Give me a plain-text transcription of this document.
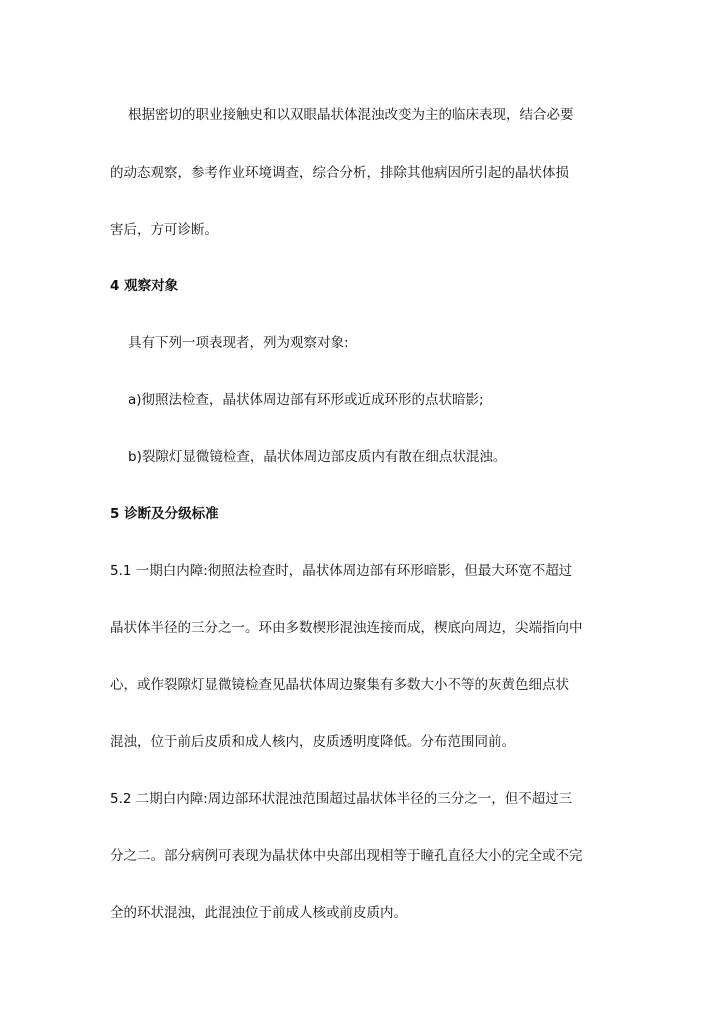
根据密切的职业接触史和以双眼晶状体混浊改变为主的临床表现，结合必要
的动态观察，参考作业环境调查，综合分析，排除其他病因所引起的晶状体损
害后，方可诊断。
4 观察对象
具有下列一项表现者，列为观察对象:
a)彻照法检查，晶状体周边部有环形或近成环形的点状暗影;
b)裂隙灯显微镜检查，晶状体周边部皮质内有散在细点状混浊。
5 诊断及分级标准
5.1 一期白内障:彻照法检查时，晶状体周边部有环形暗影，但最大环宽不超过
晶状体半径的三分之一。环由多数楔形混浊连接而成，楔底向周边，尖端指向中
心，或作裂隙灯显微镜检查见晶状体周边聚集有多数大小不等的灰黄色细点状
混浊，位于前后皮质和成人核内，皮质透明度降低。分布范围同前。
5.2 二期白内障:周边部环状混浊范围超过晶状体半径的三分之一，但不超过三
分之二。部分病例可表现为晶状体中央部出现相等于瞳孔直径大小的完全或不完
全的环状混浊，此混浊位于前成人核或前皮质内。
